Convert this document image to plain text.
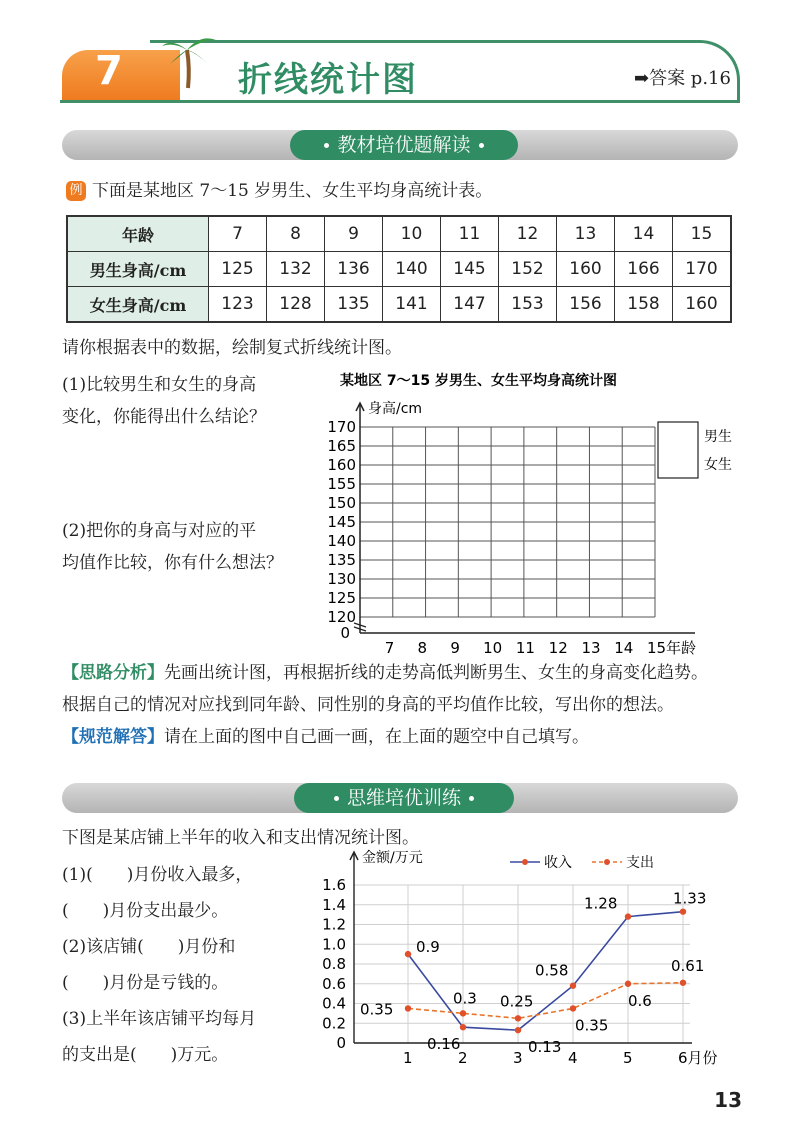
7	折线统计图	➡答案 p.16
教材培优题解读
例 下面是某地区 7～15 岁男生、女生平均身高统计表。
年龄	7	8	9	10	11	12	13	14	15
男生身高/cm	125	132	136	140	145	152	160	166	170
女生身高/cm	123	128	135	141	147	153	156	158	160
请你根据表中的数据，绘制复式折线统计图。
(1)比较男生和女生的身高
变化，你能得出什么结论？
(2)把你的身高与对应的平
均值作比较，你有什么想法？
某地区 7～15 岁男生、女生平均身高统计图
身高/cm
120
125
130
135
140
145
150
155
160
165
170
0
7 8 9 10 11 12 13 14 15年龄
男生
女生
【思路分析】先画出统计图，再根据折线的走势高低判断男生、女生的身高变化趋势。
根据自己的情况对应找到同年龄、同性别的身高的平均值作比较，写出你的想法。
【规范解答】请在上面的图中自己画一画，在上面的题空中自己填写。
思维培优训练
下图是某店铺上半年的收入和支出情况统计图。
(1)(　　)月份收入最多，
(　　)月份支出最少。
(2)该店铺(　　)月份和
(　　)月份是亏钱的。
(3)上半年该店铺平均每月
的支出是(　　)万元。
金额/万元
0
0.2
0.4
0.6
0.8
1.0
1.2
1.4
1.6
1	2	3	4	5	6月份
收入	支出
0.9
0.16	0.13
0.58
1.28	1.33
0.35
0.3 0.25
0.35
0.6
0.61
13
